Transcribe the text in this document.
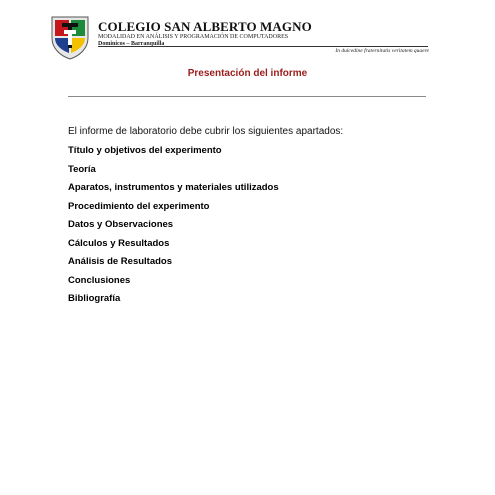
COLEGIO SAN ALBERTO MAGNO
MODALIDAD EN ANÁLISIS Y PROGRAMACIÓN DE COMPUTADORES
Dominicos – Barranquilla
In dulcedine fraternitatis veritatem quaere
Presentación del informe
El informe de laboratorio debe cubrir los siguientes apartados:
Título y objetivos del experimento
Teoría
Aparatos, instrumentos y materiales utilizados
Procedimiento del experimento
Datos y Observaciones
Cálculos y Resultados
Análisis de Resultados
Conclusiones
Bibliografía
